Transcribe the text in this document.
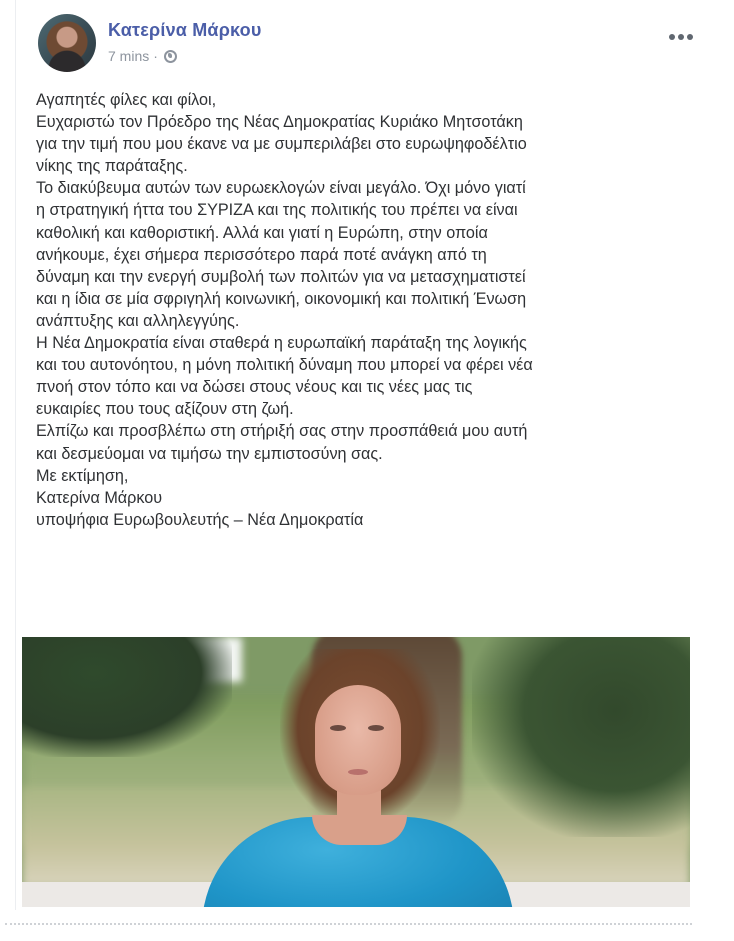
Κατερίνα Μάρκου
7 mins ·
Αγαπητές φίλες και φίλοι,
Ευχαριστώ τον Πρόεδρο της Νέας Δημοκρατίας Κυριάκο Μητσοτάκη
για την τιμή που μου έκανε να με συμπεριλάβει στο ευρωψηφοδέλτιο
νίκης της παράταξης.
Το διακύβευμα αυτών των ευρωεκλογών είναι μεγάλο. Όχι μόνο γιατί
η στρατηγική ήττα του ΣΥΡΙΖΑ και της πολιτικής του πρέπει να είναι
καθολική και καθοριστική. Αλλά και γιατί η Ευρώπη, στην οποία
ανήκουμε, έχει σήμερα περισσότερο παρά ποτέ ανάγκη από τη
δύναμη και την ενεργή συμβολή των πολιτών για να μετασχηματιστεί
και η ίδια σε μία σφριγηλή κοινωνική, οικονομική και πολιτική Ένωση
ανάπτυξης και αλληλεγγύης.
Η Νέα Δημοκρατία είναι σταθερά η ευρωπαϊκή παράταξη της λογικής
και του αυτονόητου, η μόνη πολιτική δύναμη που μπορεί να φέρει νέα
πνοή στον τόπο και να δώσει στους νέους και τις νέες μας τις
ευκαιρίες που τους αξίζουν στη ζωή.
Ελπίζω και προσβλέπω στη στήριξή σας στην προσπάθειά μου αυτή
και δεσμεύομαι να τιμήσω την εμπιστοσύνη σας.
Με εκτίμηση,
Κατερίνα Μάρκου
υποψήφια Ευρωβουλευτής – Νέα Δημοκρατία
